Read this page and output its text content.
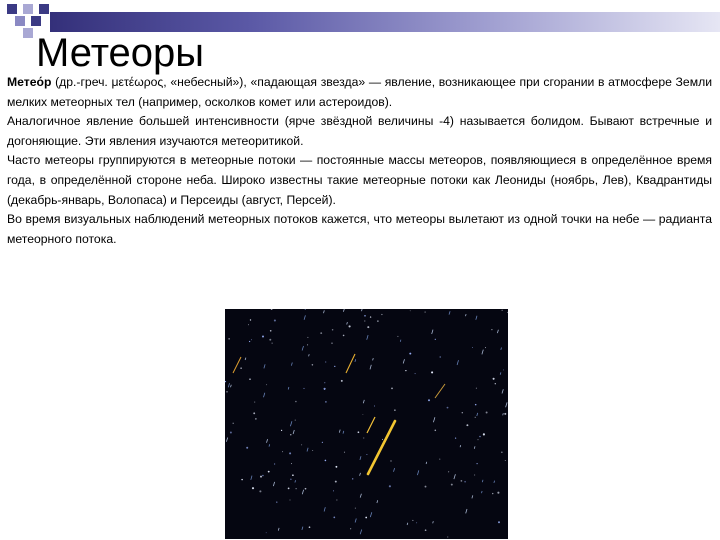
Метеоры

Метео́р (др.-греч. μετέωρος, «небесный»), «падающая звезда» — явление, возникающее при сгорании в атмосфере Земли мелких метеорных тел (например, осколков комет или астероидов).

Аналогичное явление большей интенсивности (ярче звёздной величины -4) называется болидом. Бывают встречные и догоняющие. Эти явления изучаются метеоритикой.

Часто метеоры группируются в метеорные потоки — постоянные массы метеоров, появляющиеся в определённое время года, в определённой стороне неба. Широко известны такие метеорные потоки как Леониды (ноябрь, Лев), Квадрантиды (декабрь-январь, Волопаса) и Персеиды (август, Персей).

Во время визуальных наблюдений метеорных потоков кажется, что метеоры вылетают из одной точки на небе — радианта метеорного потока.
